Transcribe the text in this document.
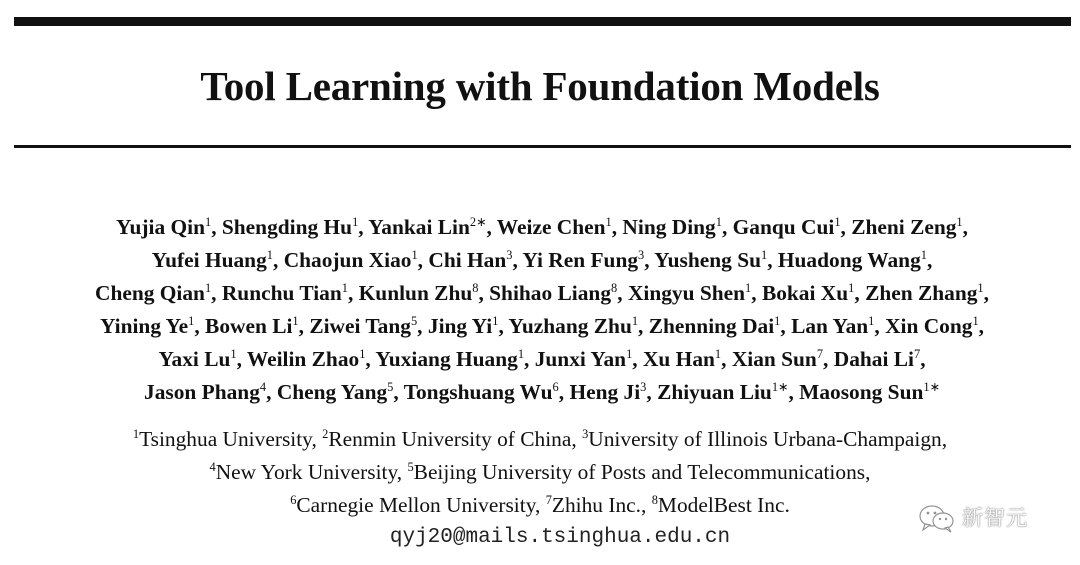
Tool Learning with Foundation Models
Yujia Qin$^1$, Shengding Hu$^1$, Yankai Lin$^{2∗}$, Weize Chen$^1$, Ning Ding$^1$, Ganqu Cui$^1$, Zheni Zeng$^1$,
Yufei Huang$^1$, Chaojun Xiao$^1$, Chi Han$^3$, Yi Ren Fung$^3$, Yusheng Su$^1$, Huadong Wang$^1$,
Cheng Qian$^1$, Runchu Tian$^1$, Kunlun Zhu$^8$, Shihao Liang$^8$, Xingyu Shen$^1$, Bokai Xu$^1$, Zhen Zhang$^1$,
Yining Ye$^1$, Bowen Li$^1$, Ziwei Tang$^5$, Jing Yi$^1$, Yuzhang Zhu$^1$, Zhenning Dai$^1$, Lan Yan$^1$, Xin Cong$^1$,
Yaxi Lu$^1$, Weilin Zhao$^1$, Yuxiang Huang$^1$, Junxi Yan$^1$, Xu Han$^1$, Xian Sun$^7$, Dahai Li$^7$,
Jason Phang$^4$, Cheng Yang$^5$, Tongshuang Wu$^6$, Heng Ji$^3$, Zhiyuan Liu$^{1∗}$, Maosong Sun$^{1∗}$
$^1$Tsinghua University, $^2$Renmin University of China, $^3$University of Illinois Urbana-Champaign,
$^4$New York University, $^5$Beijing University of Posts and Telecommunications,
$^6$Carnegie Mellon University, $^7$Zhihu Inc., $^8$ModelBest Inc.
qyj20@mails.tsinghua.edu.cn
新智元
